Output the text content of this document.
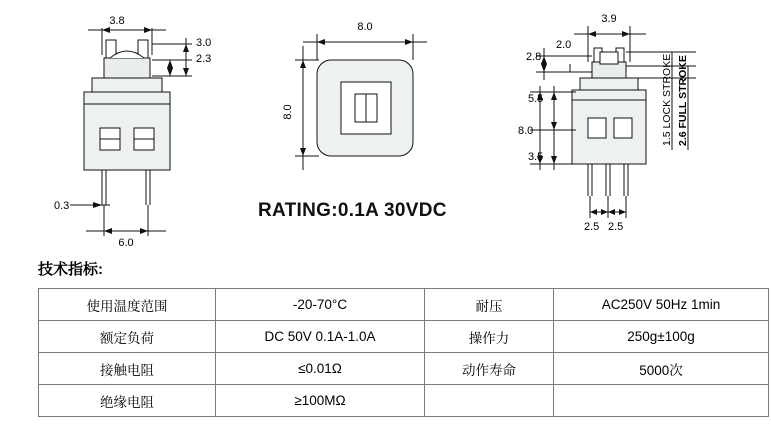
3.8
3.0
2.3
0.3
6.0
8.0
8.0
3.9
2.8
2.0
5.5
8.0
3.5
2.5 2.5
1.5 LOCK STROKE 2.6 FULL STROKE
RATING:0.1A 30VDC
技术指标:
使用温度范围	-20-70°C	耐压	AC250V 50Hz 1min
额定负荷	DC 50V 0.1A-1.0A	操作力	250g±100g
接触电阻	≤0.01Ω	动作寿命	5000次
绝缘电阻	≥100MΩ		
